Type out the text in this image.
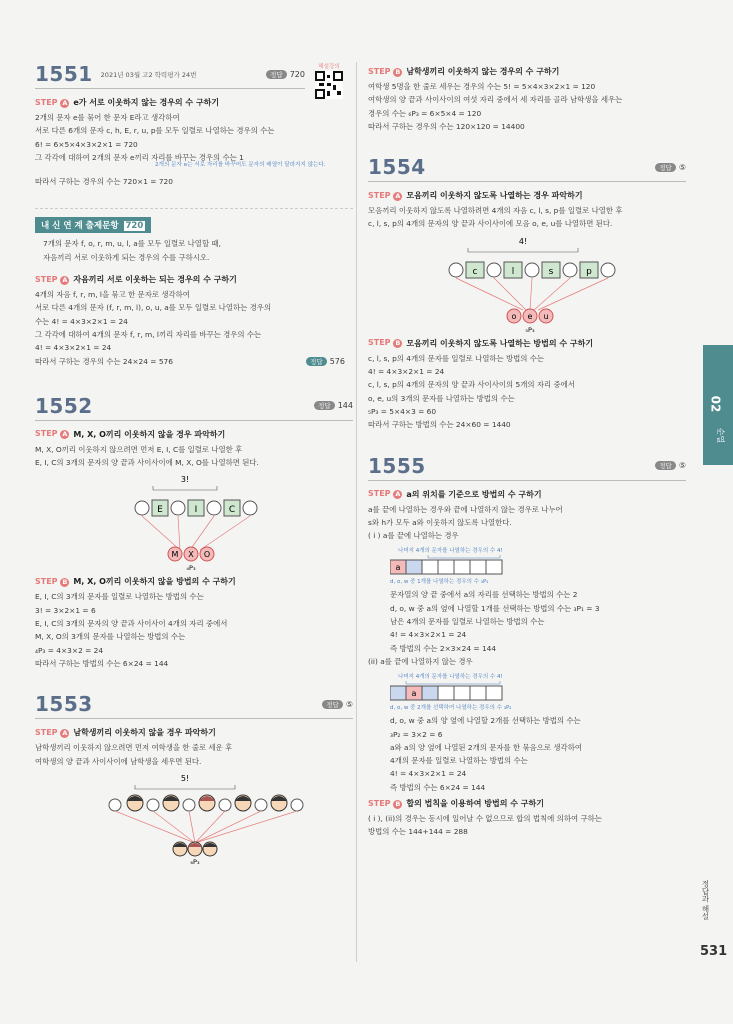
해설강의
1551 2021년 03월 고2 학력평가 24번	정답 720
STEP A e가 서로 이웃하지 않는 경우의 수 구하기

2개의 문자 e를 묶어 한 문자 E라고 생각하여

서로 다른 6개의 문자 c, h, E, r, u, p를 모두 일렬로 나열하는 경우의 수는

6! = 6×5×4×3×2×1 = 720

그 각각에 대하여 2개의 문자 e끼리 자리를 바꾸는 경우의 수는 1

2개의 문자 e는 서로 자리를 바꾸어도 문자의 배열이 달라지지 않는다.

따라서 구하는 경우의 수는 720×1 = 720

내 신 연 계 출제문항 720

7개의 문자 f, o, r, m, u, l, a를 모두 일렬로 나열할 때,

자음끼리 서로 이웃하게 되는 경우의 수를 구하시오.

STEP A 자음끼리 서로 이웃하는 되는 경우의 수 구하기

4개의 자음 f, r, m, l을 묶고 한 문자로 생각하여

서로 다른 4개의 문자 (f, r, m, l), o, u, a를 모두 일렬로 나열하는 경우의

수는 4! = 4×3×2×1 = 24

그 각각에 대하여 4개의 문자 f, r, m, l끼리 자리를 바꾸는 경우의 수는

4! = 4×3×2×1 = 24

따라서 구하는 경우의 수는 24×24 = 576	정답 576
1552	정답 144
STEP A M, X, O끼리 이웃하지 않을 경우 파악하기

M, X, O끼리 이웃하지 않으려면 먼저 E, I, C를 일렬로 나열한 후

E, I, C의 3개의 문자의 양 끝과 사이사이에 M, X, O를 나열하면 된다.

3!
E	I	C
M X O
₄P₃
STEP B M, X, O끼리 이웃하지 않을 방법의 수 구하기

E, I, C의 3개의 문자를 일렬로 나열하는 방법의 수는

3! = 3×2×1 = 6

E, I, C의 3개의 문자의 양 끝과 사이사이 4개의 자리 중에서

M, X, O의 3개의 문자를 나열하는 방법의 수는

₄P₃ = 4×3×2 = 24

따라서 구하는 방법의 수는 6×24 = 144

1553	정답 ⑤
STEP A 남학생끼리 이웃하지 않을 경우 파악하기

남학생끼리 이웃하지 않으려면 먼저 여학생을 한 줄로 세운 후

여학생의 양 끝과 사이사이에 남학생을 세우면 된다.

5!
₆P₃
STEP B 남학생끼리 이웃하지 않는 경우의 수 구하기

여학생 5명을 한 줄로 세우는 경우의 수는 5! = 5×4×3×2×1 = 120

여학생의 양 끝과 사이사이의 여섯 자리 중에서 세 자리를 골라 남학생을 세우는

경우의 수는 ₆P₃ = 6×5×4 = 120

따라서 구하는 경우의 수는 120×120 = 14400

1554	정답 ⑤
STEP A 모음끼리 이웃하지 않도록 나열하는 경우 파악하기

모음끼리 이웃하지 않도록 나열하려면 4개의 자음 c, l, s, p를 일렬로 나열한 후

c, l, s, p의 4개의 문자의 양 끝과 사이사이에 모음 o, e, u를 나열하면 된다.

4!
c	l	s	p
o e u
₅P₃
STEP B 모음끼리 이웃하지 않도록 나열하는 방법의 수 구하기

c, l, s, p의 4개의 문자를 일렬로 나열하는 방법의 수는

4! = 4×3×2×1 = 24

c, l, s, p의 4개의 문자의 양 끝과 사이사이의 5개의 자리 중에서

o, e, u의 3개의 문자를 나열하는 방법의 수는

₅P₃ = 5×4×3 = 60

따라서 구하는 방법의 수는 24×60 = 1440

1555	정답 ⑤
STEP A a의 위치를 기준으로 방법의 수 구하기

a를 끝에 나열하는 경우와 끝에 나열하지 않는 경우로 나누어

s와 h가 모두 a와 이웃하지 않도록 나열한다.

( i ) a를 끝에 나열하는 경우

나머지 4개의 문자를 나열하는 경우의 수 4!
a
d, o, w 중 1개를 나열하는 경우의 수 ₃P₁

문자열의 양 끝 중에서 a의 자리를 선택하는 방법의 수는 2

d, o, w 중 a의 옆에 나열할 1개를 선택하는 방법의 수는 ₃P₁ = 3

남은 4개의 문자를 일렬로 나열하는 방법의 수는

4! = 4×3×2×1 = 24

즉 방법의 수는 2×3×24 = 144

(ii) a를 끝에 나열하지 않는 경우

나머지 4개의 문자를 나열하는 경우의 수 4!
a
d, o, w 중 2개를 선택하여 나열하는 경우의 수 ₃P₂

d, o, w 중 a의 양 옆에 나열할 2개를 선택하는 방법의 수는

₃P₂ = 3×2 = 6

a와 a의 양 옆에 나열된 2개의 문자를 한 묶음으로 생각하여

4개의 문자를 일렬로 나열하는 방법의 수는

4! = 4×3×2×1 = 24

즉 방법의 수는 6×24 = 144

STEP B 합의 법칙을 이용하여 방법의 수 구하기

( i ), (ii)의 경우는 동시에 일어날 수 없으므로 합의 법칙에 의하여 구하는

방법의 수는 144+144 = 288

02
순열
정답과 해설
531
